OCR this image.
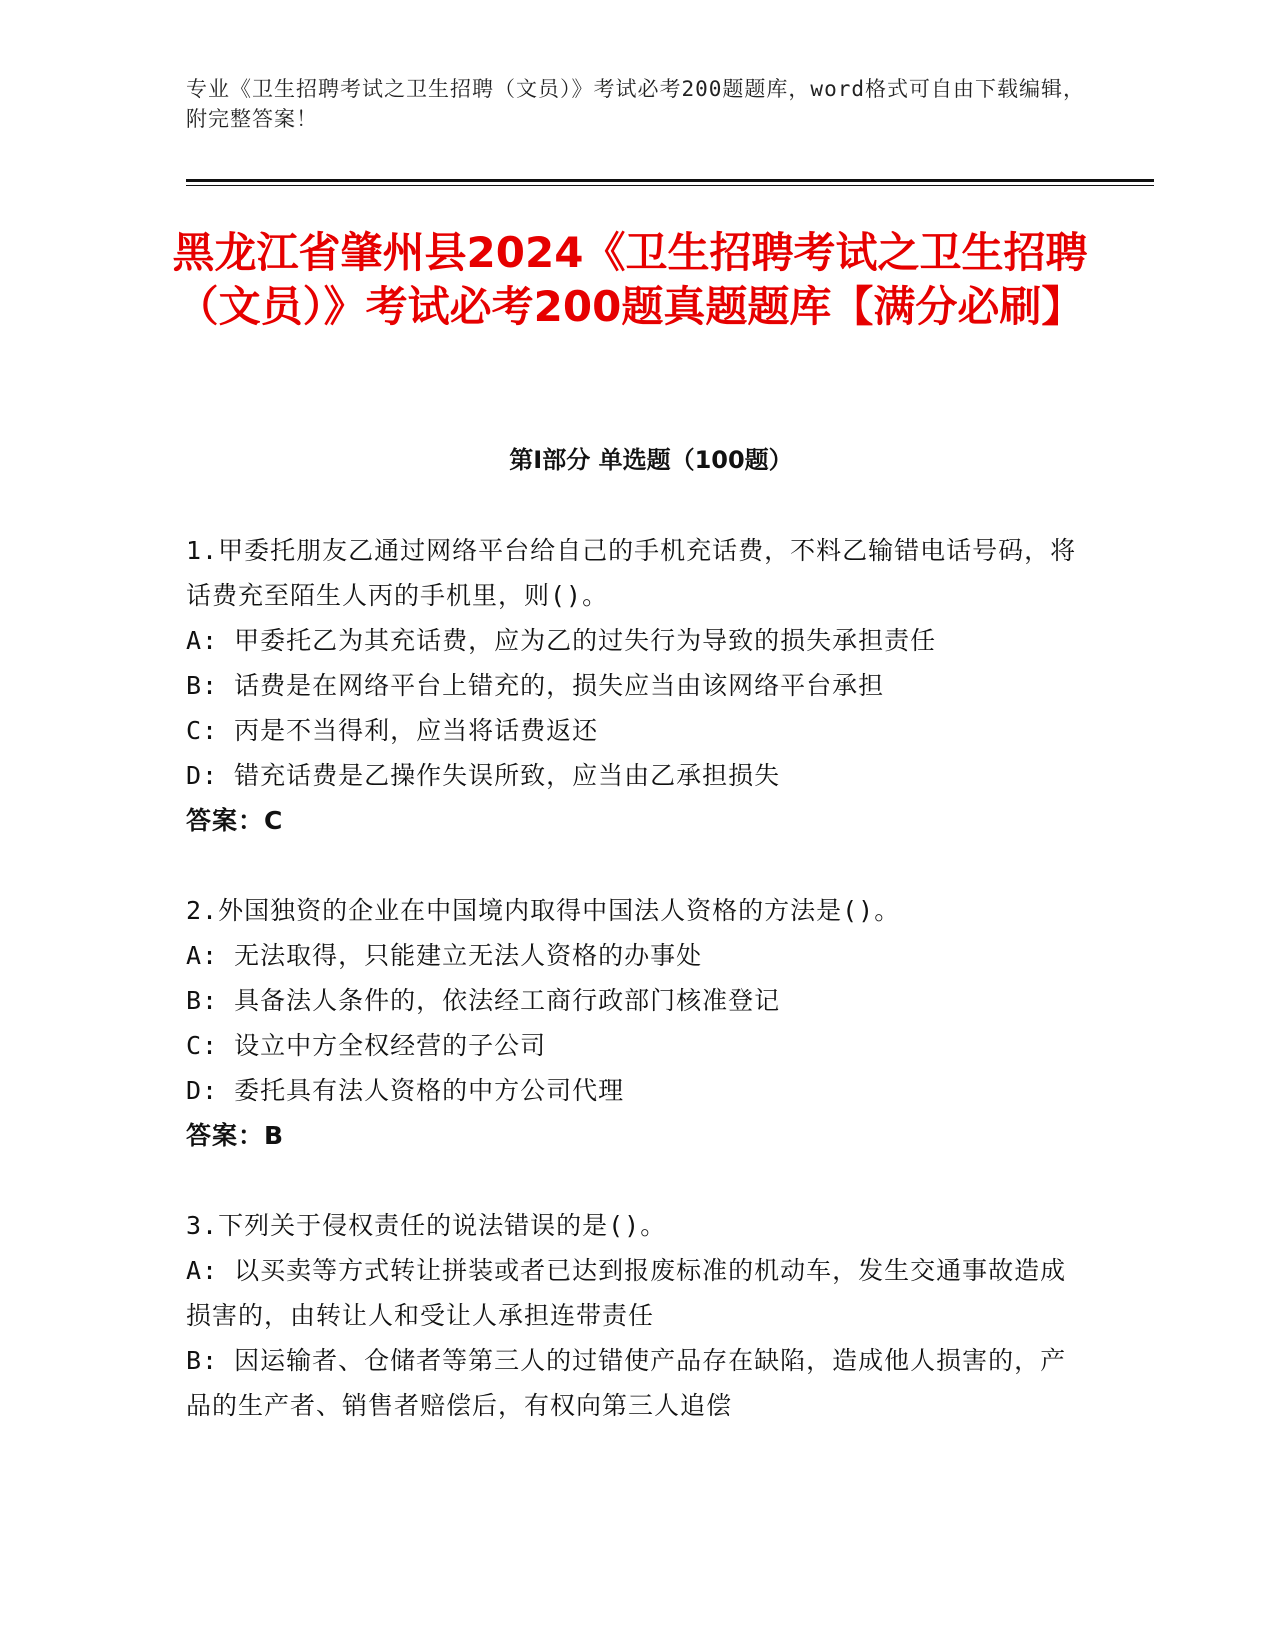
专业《卫生招聘考试之卫生招聘（文员）》考试必考200题题库，word格式可自由下载编辑，附完整答案！
黑龙江省肇州县2024《卫生招聘考试之卫生招聘（文员）》考试必考200题真题题库【满分必刷】
第Ⅰ部分 单选题（100题）

1.甲委托朋友乙通过网络平台给自己的手机充话费，不料乙输错电话号码，将话费充至陌生人丙的手机里，则()。

A: 甲委托乙为其充话费，应为乙的过失行为导致的损失承担责任

B: 话费是在网络平台上错充的，损失应当由该网络平台承担

C: 丙是不当得利，应当将话费返还

D: 错充话费是乙操作失误所致，应当由乙承担损失

答案：C

2.外国独资的企业在中国境内取得中国法人资格的方法是()。

A: 无法取得，只能建立无法人资格的办事处

B: 具备法人条件的，依法经工商行政部门核准登记

C: 设立中方全权经营的子公司

D: 委托具有法人资格的中方公司代理

答案：B

3.下列关于侵权责任的说法错误的是()。

A: 以买卖等方式转让拼装或者已达到报废标准的机动车，发生交通事故造成损害的，由转让人和受让人承担连带责任

B: 因运输者、仓储者等第三人的过错使产品存在缺陷，造成他人损害的，产品的生产者、销售者赔偿后，有权向第三人追偿
